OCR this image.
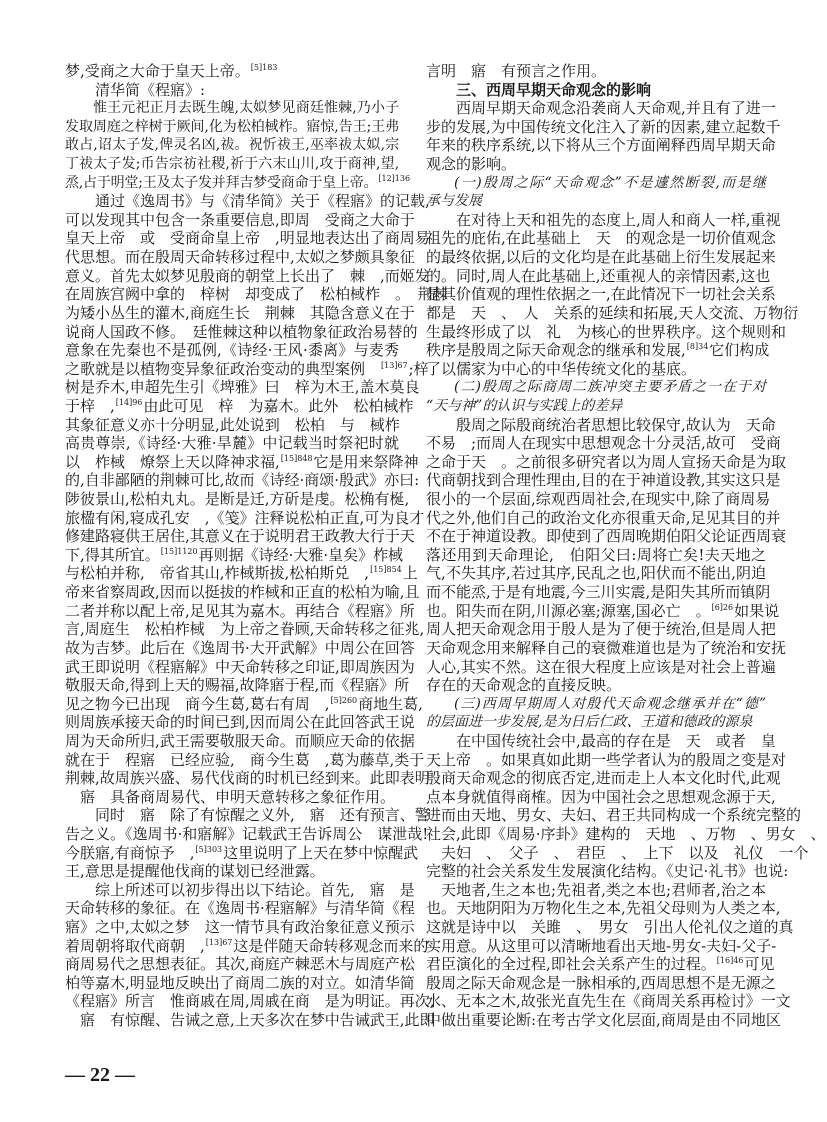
梦,受商之大命于皇天上帝。$^{[5]183}$
清华简《程寤》:
惟王元祀正月去既生魄,太姒梦见商廷惟棘,乃小子
发取周庭之梓树于厥间,化为松柏棫柞。寤惊,告王;王弗
敢占,诏太子发,俾灵名凶,祓。祝忻祓王,巫率祓太姒,宗
丁祓太子发;币告宗祊社稷,祈于六末山川,攻于商神,望,
烝,占于明堂;王及太子发并拜吉梦受商命于皇上帝。$^{[12]136}$
通过《逸周书》与《清华简》关于《程寤》的记载,
可以发现其中包含一条重要信息,即周　受商之大命于
皇天上帝　或　受商命皇上帝　,明显地表达出了商周易
代思想。而在殷周天命转移过程中,太姒之梦颇具象征
意义。首先太姒梦见殷商的朝堂上长出了　棘　,而姬发
在周族宫阙中拿的　梓树　却变成了　松柏棫柞　。　荆棘
为矮小丛生的灌木,商庭生长　荆棘　其隐含意义在于
说商人国政不修。　廷惟棘这种以植物象征政治易替的
意象在先秦也不是孤例,《诗经·王风·黍离》与麦秀
之歌就是以植物变异象征政治变动的典型案例　$^{[13]67}$;梓
树是乔木,申超先生引《埤雅》曰　梓为木王,盖木莫良
于梓　,$^{[14]96}$由此可见　梓　为嘉木。此外　松柏棫柞
其象征意义亦十分明显,此处说到　松柏　与　棫柞
高贵尊崇,《诗经·大雅·旱麓》中记载当时祭祀时就
以　柞棫　燎祭上天以降神求福,$^{[15]848}$它是用来祭降神
的,自非鄙陋的荆棘可比,故而《诗经·商颂·殷武》亦曰:
陟彼景山,松柏丸丸。是断是迁,方斫是虔。松桷有梴,
旅楹有闲,寝成孔安　,《笺》注释说松柏正直,可为良才
修建路寝供王居住,其意义在于说明君王政教大行于天
下,得其所宜。$^{[15]1120}$再则据《诗经·大雅·皇矣》柞棫
与松柏并称,　帝省其山,柞棫斯拔,松柏斯兑　,$^{[15]854}$上
帝来省察周政,因而以挺拔的柞棫和正直的松柏为喻,且
二者并称以配上帝,足见其为嘉木。再结合《程寤》所
言,周庭生　松柏柞棫　为上帝之眷顾,天命转移之征兆,
故为吉梦。此后在《逸周书·大开武解》中周公在回答
武王即说明《程寤解》中天命转移之印证,即周族因为
敬服天命,得到上天的赐福,故降寤于程,而《程寤》所
见之物今已出现　商今生葛,葛右有周　,$^{[5]260}$商地生葛,
则周族承接天命的时间已到,因而周公在此回答武王说
周为天命所归,武王需要敬服天命。而顺应天命的依据
就在于　程寤　已经应验,　商今生葛　,葛为藤草,类于
荆棘,故周族兴盛、易代伐商的时机已经到来。此即表明
　寤　具备商周易代、申明天意转移之象征作用。
同时　寤　除了有惊醒之义外,　寤　还有预言、警
告之义。《逸周书·和寤解》记载武王告诉周公　谋泄哉!
今朕寤,有商惊予　,$^{[5]303}$这里说明了上天在梦中惊醒武
王,意思是提醒他伐商的谋划已经泄露。
综上所述可以初步得出以下结论。首先,　寤　是
天命转移的象征。在《逸周书·程寤解》与清华简《程
寤》之中,太姒之梦　这一情节具有政治象征意义预示
着周朝将取代商朝　,$^{[13]67}$这是伴随天命转移观念而来的
商周易代之思想表征。其次,商庭产棘恶木与周庭产松
柏等嘉木,明显地反映出了商周二族的对立。如清华简
《程寤》所言　惟商戚在周,周戚在商　是为明证。再次,
　寤　有惊醒、告诫之意,上天多次在梦中告诫武王,此即
言明　寤　有预言之作用。
三、西周早期天命观念的影响
西周早期天命观念沿袭商人天命观,并且有了进一
步的发展,为中国传统文化注入了新的因素,建立起数千
年来的秩序系统,以下将从三个方面阐释西周早期天命
观念的影响。
(一)殷周之际“天命观念”不是遽然断裂,而是继
承与发展
在对待上天和祖先的态度上,周人和商人一样,重视
祖先的庇佑,在此基础上　天　的观念是一切价值观念
的最终依据,以后的文化均是在此基础上衍生发展起来
的。同时,周人在此基础上,还重视人的亲情因素,这也
是其价值观的理性依据之一,在此情况下一切社会关系
都是　天　、　人　关系的延续和拓展,天人交流、万物衍
生最终形成了以　礼　为核心的世界秩序。这个规则和
秩序是殷周之际天命观念的继承和发展,$^{[8]34}$它们构成
了以儒家为中心的中华传统文化的基底。
(二)殷周之际商周二族冲突主要矛盾之一在于对
“天与神”的认识与实践上的差异
殷周之际殷商统治者思想比较保守,故认为　天命
不易　;而周人在现实中思想观念十分灵活,故可　受商
之命于天　。之前很多研究者以为周人宣扬天命是为取
代商朝找到合理性理由,目的在于神道设教,其实这只是
很小的一个层面,综观西周社会,在现实中,除了商周易
代之外,他们自己的政治文化亦很重天命,足见其目的并
不在于神道设教。即使到了西周晚期伯阳父论证西周衰
落还用到天命理论,　伯阳父曰:周将亡矣!夫天地之
气,不失其序,若过其序,民乱之也,阳伏而不能出,阴迫
而不能烝,于是有地震,今三川实震,是阳失其所而镇阴
也。阳失而在阴,川源必塞;源塞,国必亡　。$^{[6]26}$如果说
周人把天命观念用于殷人是为了便于统治,但是周人把
天命观念用来解释自己的衰微难道也是为了统治和安抚
人心,其实不然。这在很大程度上应该是对社会上普遍
存在的天命观念的直接反映。
(三)西周早期周人对殷代天命观念继承并在“德”
的层面进一步发展,是为日后仁政、王道和德政的源泉
在中国传统社会中,最高的存在是　天　或者　皇
天上帝　。如果真如此期一些学者认为的殷周之变是对
殷商天命观念的彻底否定,进而走上人本文化时代,此观
点本身就值得商榷。因为中国社会之思想观念源于天,
进而由天地、男女、夫妇、君王共同构成一个系统完整的
社会,此即《周易·序卦》建构的　天地　、万物　、男女　、
　夫妇　、　父子　、　君臣　、　上下　以及　礼仪　一个
完整的社会关系发生发展演化结构。《史记·礼书》也说:
　天地者,生之本也;先祖者,类之本也;君师者,治之本
也。天地阴阳为万物化生之本,先祖父母则为人类之本,
这就是诗中以　关雎　、　男女　引出人伦礼仪之道的真
实用意。从这里可以清晰地看出天地-男女-夫妇-父子-
君臣演化的全过程,即社会关系产生的过程。$^{[16]46}$可见
殷周之际天命观念是一脉相承的,西周思想不是无源之
水、无本之木,故张光直先生在《商周关系再检讨》一文
中做出重要论断:在考古学文化层面,商周是由不同地区
— 22 —
